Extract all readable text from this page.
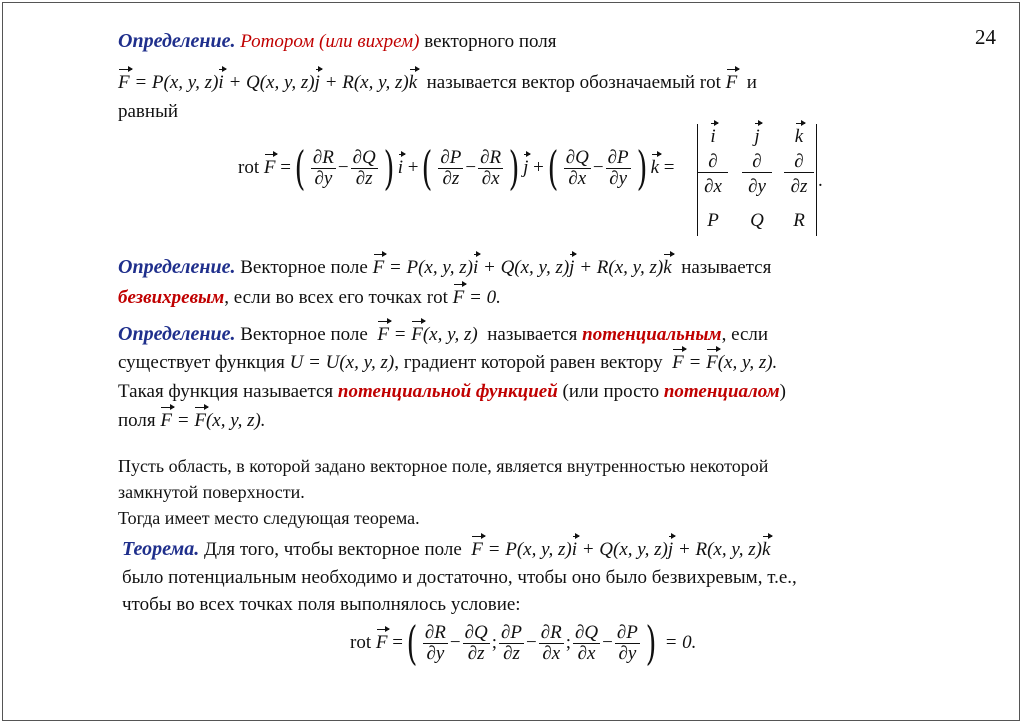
24
Определение. Ротором (или вихрем) векторного поля
F = P(x, y, z)i + Q(x, y, z)j + R(x, y, z)k называется вектор обозначаемый rot F и
равный
rot
F
= ( $\frac{\partial R}{\partial y} - \frac{\partial Q}{\partial z}$ ) i
+ ( $\frac{\partial P}{\partial z} - \frac{\partial R}{\partial x}$ ) j
+ ( $\frac{\partial Q}{\partial x} - \frac{\partial P}{\partial y}$ ) k
=
i	j	k
∂	∂	∂
∂x	∂y	∂z
P	Q	R
.
Определение. Векторное поле F = P(x, y, z)i + Q(x, y, z)j + R(x, y, z)k называется
безвихревым, если во всех его точках rot F = 0.
Определение. Векторное поле F = F(x, y, z) называется потенциальным, если
существует функция U = U(x, y, z), градиент которой равен вектору F = F(x, y, z).
Такая функция называется потенциальной функцией (или просто потенциалом)
поля F = F(x, y, z).
Пусть область, в которой задано векторное поле, является внутренностью некоторой
замкнутой поверхности.
Тогда имеет место следующая теорема.
Теорема. Для того, чтобы векторное поле F = P(x, y, z)i + Q(x, y, z)j + R(x, y, z)k
было потенциальным необходимо и достаточно, чтобы оно было безвихревым, т.е.,
чтобы во всех точках поля выполнялось условие:
rot
F
= ( $\frac{\partial R}{\partial y} - \frac{\partial Q}{\partial z}$ ; $\frac{\partial P}{\partial z} - \frac{\partial R}{\partial x}$ ; $\frac{\partial Q}{\partial x} - \frac{\partial P}{\partial y}$ )
= 0.
